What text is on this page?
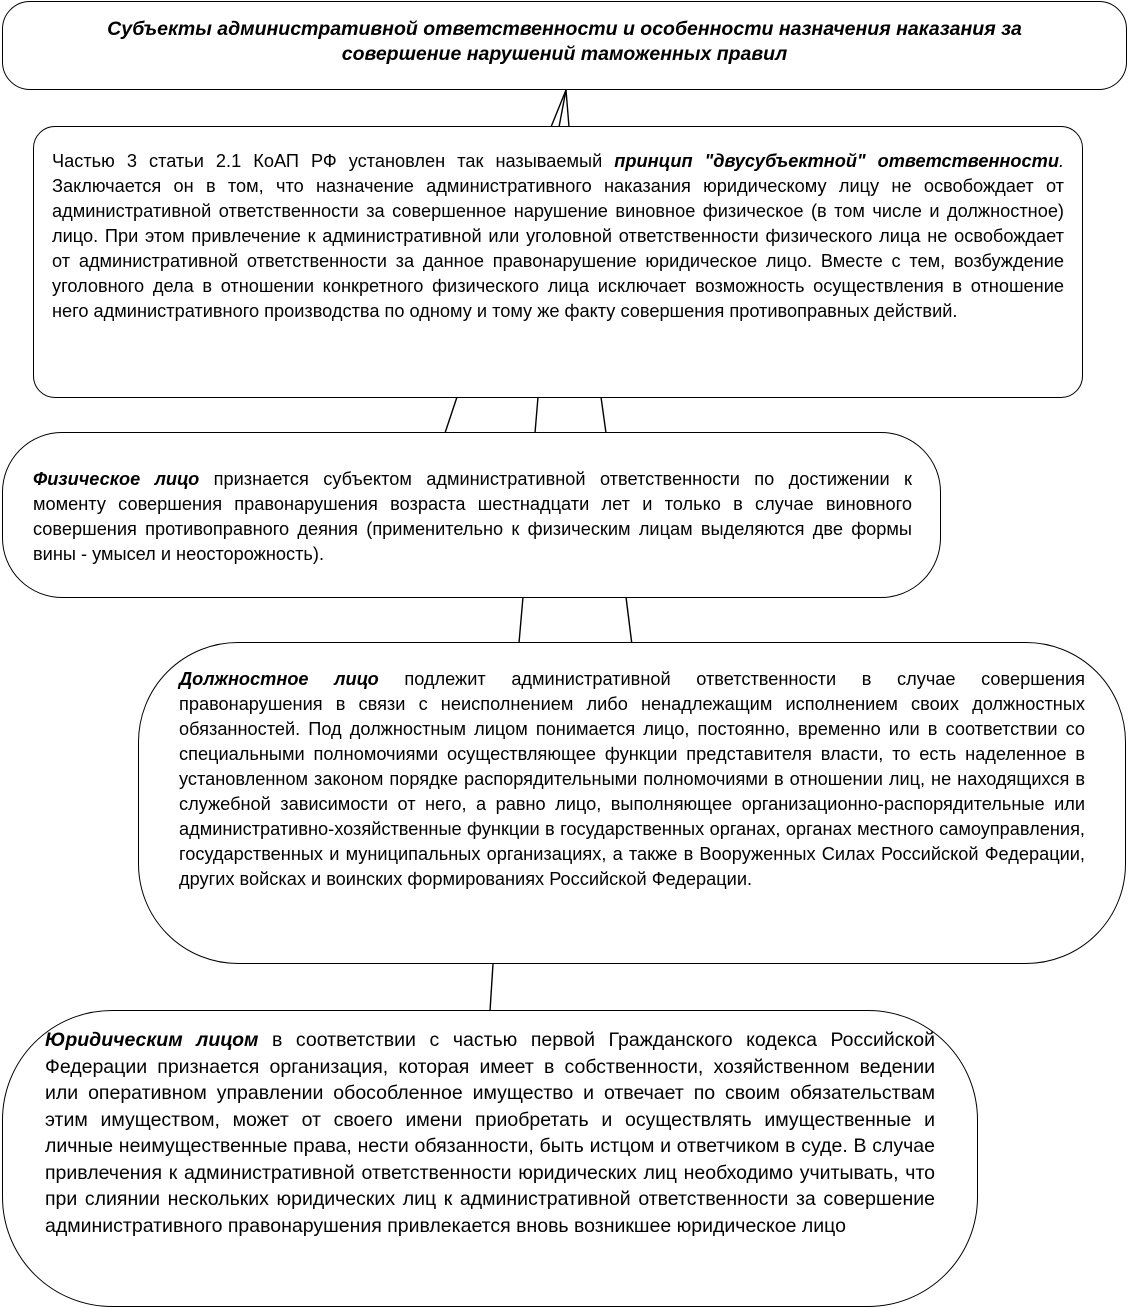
Субъекты административной ответственности и особенности назначения наказания за
совершение нарушений таможенных правил

Частью 3 статьи 2.1 КоАП РФ установлен так называемый принцип "двусубъектной" ответственности. Заключается он в том, что назначение административного наказания юридическому лицу не освобождает от административной ответственности за совершенное нарушение виновное физическое (в том числе и должностное) лицо. При этом привлечение к административной или уголовной ответственности физического лица не освобождает от административной ответственности за данное правонарушение юридическое лицо. Вместе с тем, возбуждение уголовного дела в отношении конкретного физического лица исключает возможность осуществления в отношение него административного производства по одному и тому же факту совершения противоправных действий.

Физическое лицо признается субъектом административной ответственности по достижении к моменту совершения правонарушения возраста шестнадцати лет и только в случае виновного совершения противоправного деяния (применительно к физическим лицам выделяются две формы вины - умысел и неосторожность).

Должностное лицо подлежит административной ответственности в случае совершения правонарушения в связи с неисполнением либо ненадлежащим исполнением своих должностных обязанностей. Под должностным лицом понимается лицо, постоянно, временно или в соответствии со специальными полномочиями осуществляющее функции представителя власти, то есть наделенное в установленном законом порядке распорядительными полномочиями в отношении лиц, не находящихся в служебной зависимости от него, а равно лицо, выполняющее организационно-распорядительные или административно-хозяйственные функции в государственных органах, органах местного самоуправления, государственных и муниципальных организациях, а также в Вооруженных Силах Российской Федерации, других войсках и воинских формированиях Российской Федерации.

Юридическим лицом в соответствии с частью первой Гражданского кодекса Российской Федерации признается организация, которая имеет в собственности, хозяйственном ведении или оперативном управлении обособленное имущество и отвечает по своим обязательствам этим имуществом, может от своего имени приобретать и осуществлять имущественные и личные неимущественные права, нести обязанности, быть истцом и ответчиком в суде. В случае привлечения к административной ответственности юридических лиц необходимо учитывать, что при слиянии нескольких юридических лиц к административной ответственности за совершение административного правонарушения привлекается вновь возникшее юридическое лицо
